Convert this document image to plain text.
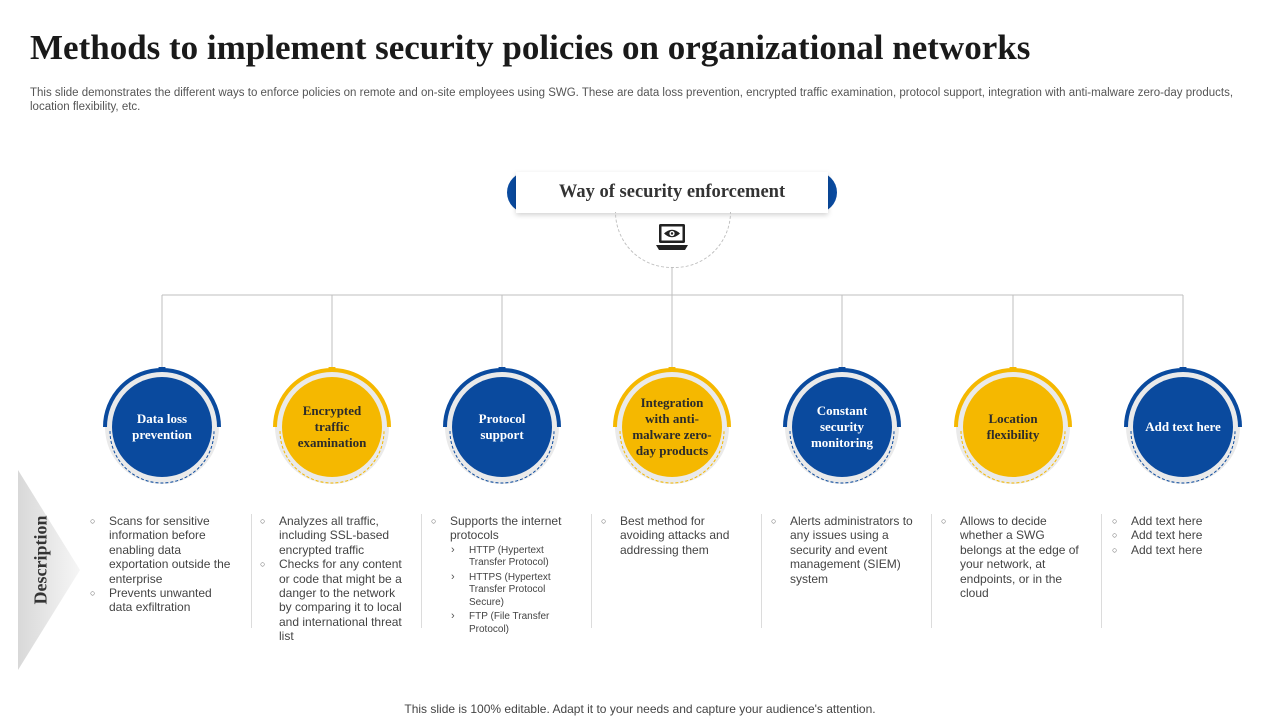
Methods to implement security policies on organizational networks

This slide demonstrates the different ways to enforce policies on remote and on-site employees using SWG. These are data loss prevention, encrypted traffic examination, protocol support, integration with anti-malware zero-day products, location flexibility, etc.

Way of security enforcement
Data loss prevention
Encrypted traffic examination
Protocol support
Integration with anti-malware zero-day products
Constant security monitoring
Location flexibility
Add text here
Description
○	Scans for sensitive information before enabling data exportation outside the enterprise
○ Prevents unwanted data exfiltration
○ Analyzes all traffic, including SSL-based encrypted traffic
○ Checks for any content or code that might be a danger to the network by comparing it to local and international threat list
○ Supports the internet protocols
› HTTP (Hypertext Transfer Protocol)
› HTTPS (Hypertext Transfer Protocol Secure)
› FTP (File Transfer Protocol)
○ Best method for avoiding attacks and addressing them
○ Alerts administrators to any issues using a security and event management (SIEM) system
○ Allows to decide whether a SWG belongs at the edge of your network, at endpoints, or in the cloud
○ Add text here
○ Add text here
○ Add text here
This slide is 100% editable. Adapt it to your needs and capture your audience's attention.
